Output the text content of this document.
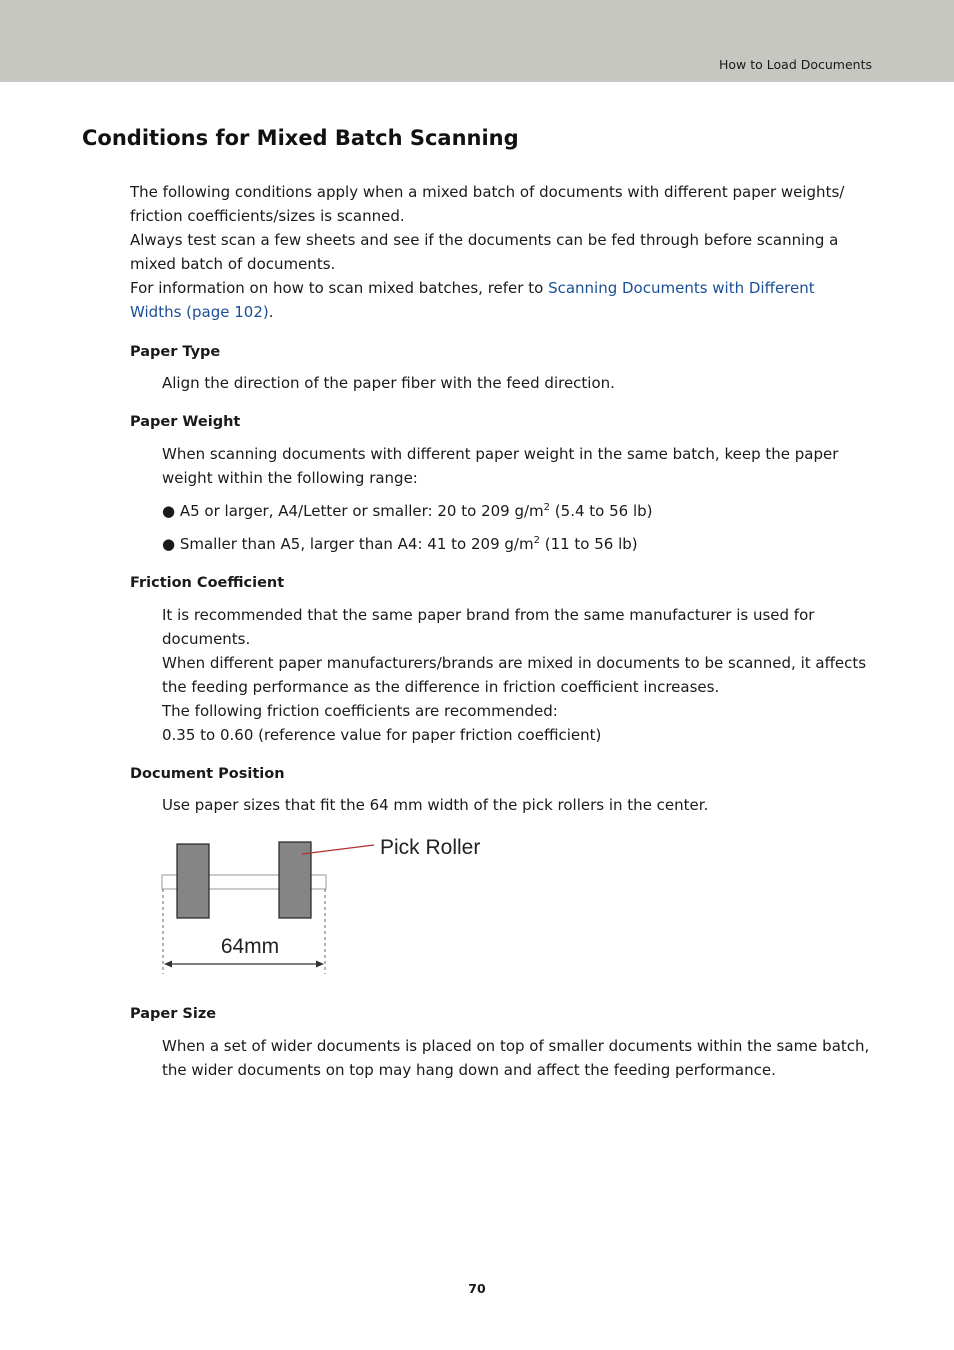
How to Load Documents
Conditions for Mixed Batch Scanning
The following conditions apply when a mixed batch of documents with different paper weights/ friction coefficients/sizes is scanned.
Always test scan a few sheets and see if the documents can be fed through before scanning a mixed batch of documents.
For information on how to scan mixed batches, refer to Scanning Documents with Different Widths (page 102).
Paper Type
Align the direction of the paper fiber with the feed direction.
Paper Weight
When scanning documents with different paper weight in the same batch, keep the paper weight within the following range:
● A5 or larger, A4/Letter or smaller: 20 to 209 $g/m^2$ (5.4 to 56 lb)
● Smaller than A5, larger than A4: 41 to 209 $g/m^2$ (11 to 56 lb)
Friction Coefficient
It is recommended that the same paper brand from the same manufacturer is used for documents.
When different paper manufacturers/brands are mixed in documents to be scanned, it affects the feeding performance as the difference in friction coefficient increases.
The following friction coefficients are recommended:
0.35 to 0.60 (reference value for paper friction coefficient)
Document Position
Use paper sizes that fit the 64 mm width of the pick rollers in the center.
Pick Roller
64mm
Paper Size
When a set of wider documents is placed on top of smaller documents within the same batch, the wider documents on top may hang down and affect the feeding performance.
70
